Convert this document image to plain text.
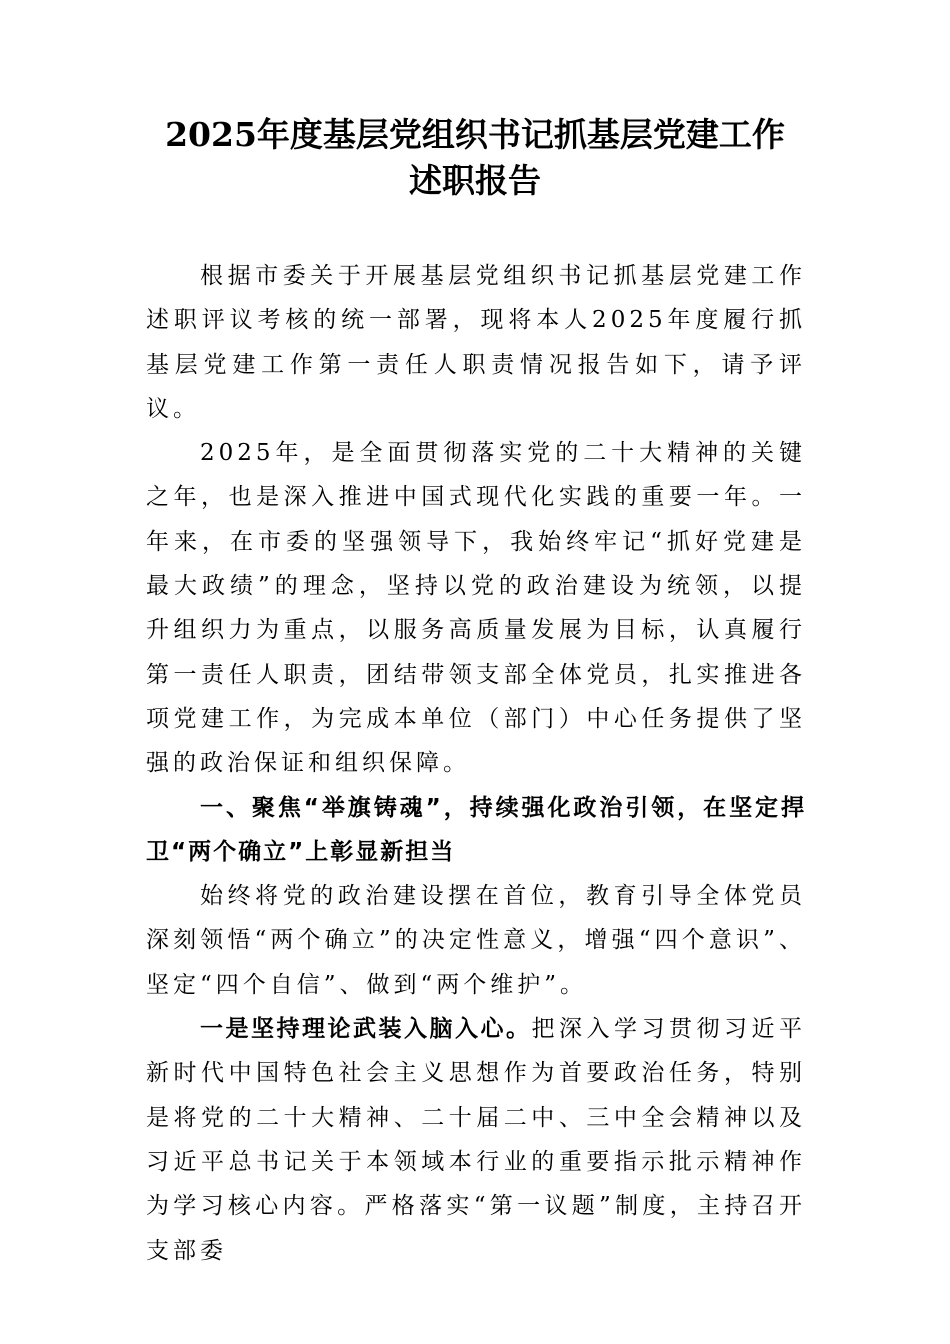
2025年度基层党组织书记抓基层党建工作
述职报告

根据市委关于开展基层党组织书记抓基层党建工作述职评议考核的统一部署，现将本人2025年度履行抓基层党建工作第一责任人职责情况报告如下，请予评议。

2025年，是全面贯彻落实党的二十大精神的关键之年，也是深入推进中国式现代化实践的重要一年。一年来，在市委的坚强领导下，我始终牢记“抓好党建是最大政绩”的理念，坚持以党的政治建设为统领，以提升组织力为重点，以服务高质量发展为目标，认真履行第一责任人职责，团结带领支部全体党员，扎实推进各项党建工作，为完成本单位（部门）中心任务提供了坚强的政治保证和组织保障。

一、聚焦“举旗铸魂”，持续强化政治引领，在坚定捍卫“两个确立”上彰显新担当

始终将党的政治建设摆在首位，教育引导全体党员深刻领悟“两个确立”的决定性意义，增强“四个意识”、坚定“四个自信”、做到“两个维护”。

一是坚持理论武装入脑入心。把深入学习贯彻习近平新时代中国特色社会主义思想作为首要政治任务，特别是将党的二十大精神、二十届二中、三中全会精神以及习近平总书记关于本领域本行业的重要指示批示精神作为学习核心内容。严格落实“第一议题”制度，主持召开支部委
